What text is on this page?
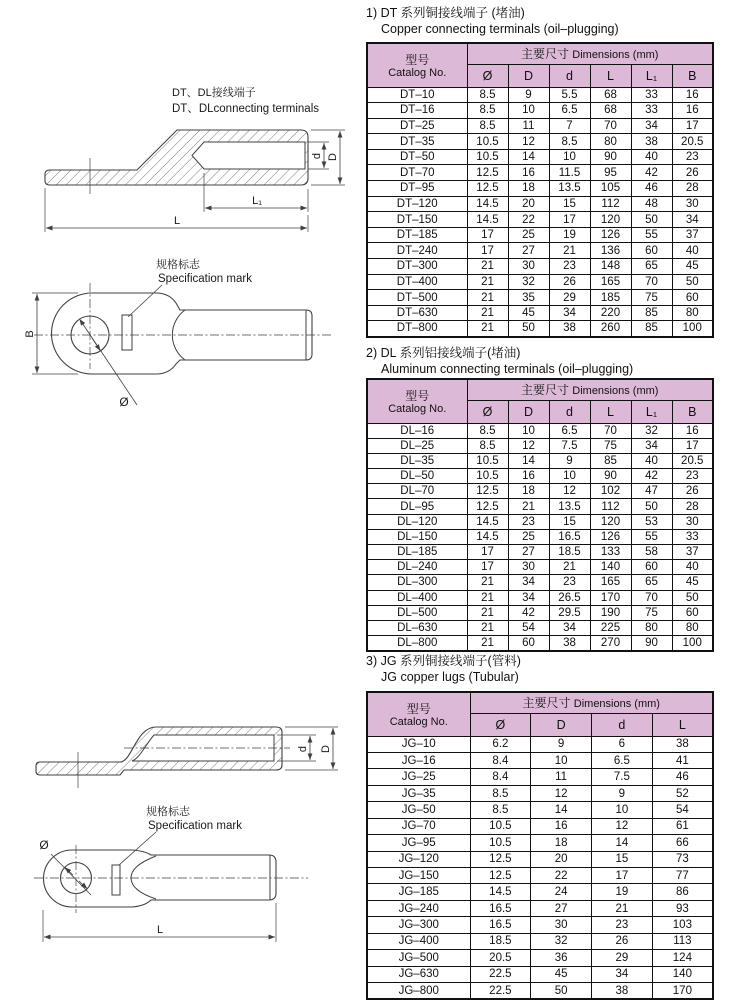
DT、DL接线端子
DT、DLconnecting terminals
d D
L₁
L
规格标志
Specification mark
B
Ø
d D
规格标志
Specification mark
Ø
L
1) DT 系列铜接线端子 (堵油)
Copper connecting terminals (oil–plugging)
型号
Catalog No.	主要尺寸 Dimensions (mm)					
	Ø	D	d	L	L₁	B
DT–10	8.5	9	5.5	68	33	16
DT–16	8.5	10	6.5	68	33	16
DT–25	8.5	11	7	70	34	17
DT–35	10.5	12	8.5	80	38	20.5
DT–50	10.5	14	10	90	40	23
DT–70	12.5	16	11.5	95	42	26
DT–95	12.5	18	13.5	105	46	28
DT–120	14.5	20	15	112	48	30
DT–150	14.5	22	17	120	50	34
DT–185	17	25	19	126	55	37
DT–240	17	27	21	136	60	40
DT–300	21	30	23	148	65	45
DT–400	21	32	26	165	70	50
DT–500	21	35	29	185	75	60
DT–630	21	45	34	220	85	80
DT–800	21	50	38	260	85	100
2) DL 系列铝接线端子(堵油)
Aluminum connecting terminals (oil–plugging)
型号
Catalog No.	主要尺寸 Dimensions (mm)					
	Ø	D	d	L	L₁	B
DL–16	8.5	10	6.5	70	32	16
DL–25	8.5	12	7.5	75	34	17
DL–35	10.5	14	9	85	40	20.5
DL–50	10.5	16	10	90	42	23
DL–70	12.5	18	12	102	47	26
DL–95	12.5	21	13.5	112	50	28
DL–120	14.5	23	15	120	53	30
DL–150	14.5	25	16.5	126	55	33
DL–185	17	27	18.5	133	58	37
DL–240	17	30	21	140	60	40
DL–300	21	34	23	165	65	45
DL–400	21	34	26.5	170	70	50
DL–500	21	42	29.5	190	75	60
DL–630	21	54	34	225	80	80
DL–800	21	60	38	270	90	100
3) JG 系列铜接线端子(管料)
JG copper lugs (Tubular)
型号
Catalog No.	主要尺寸 Dimensions (mm)			
	Ø	D	d	L
JG–10	6.2	9	6	38
JG–16	8.4	10	6.5	41
JG–25	8.4	11	7.5	46
JG–35	8.5	12	9	52
JG–50	8.5	14	10	54
JG–70	10.5	16	12	61
JG–95	10.5	18	14	66
JG–120	12.5	20	15	73
JG–150	12.5	22	17	77
JG–185	14.5	24	19	86
JG–240	16.5	27	21	93
JG–300	16.5	30	23	103
JG–400	18.5	32	26	113
JG–500	20.5	36	29	124
JG–630	22.5	45	34	140
JG–800	22.5	50	38	170
